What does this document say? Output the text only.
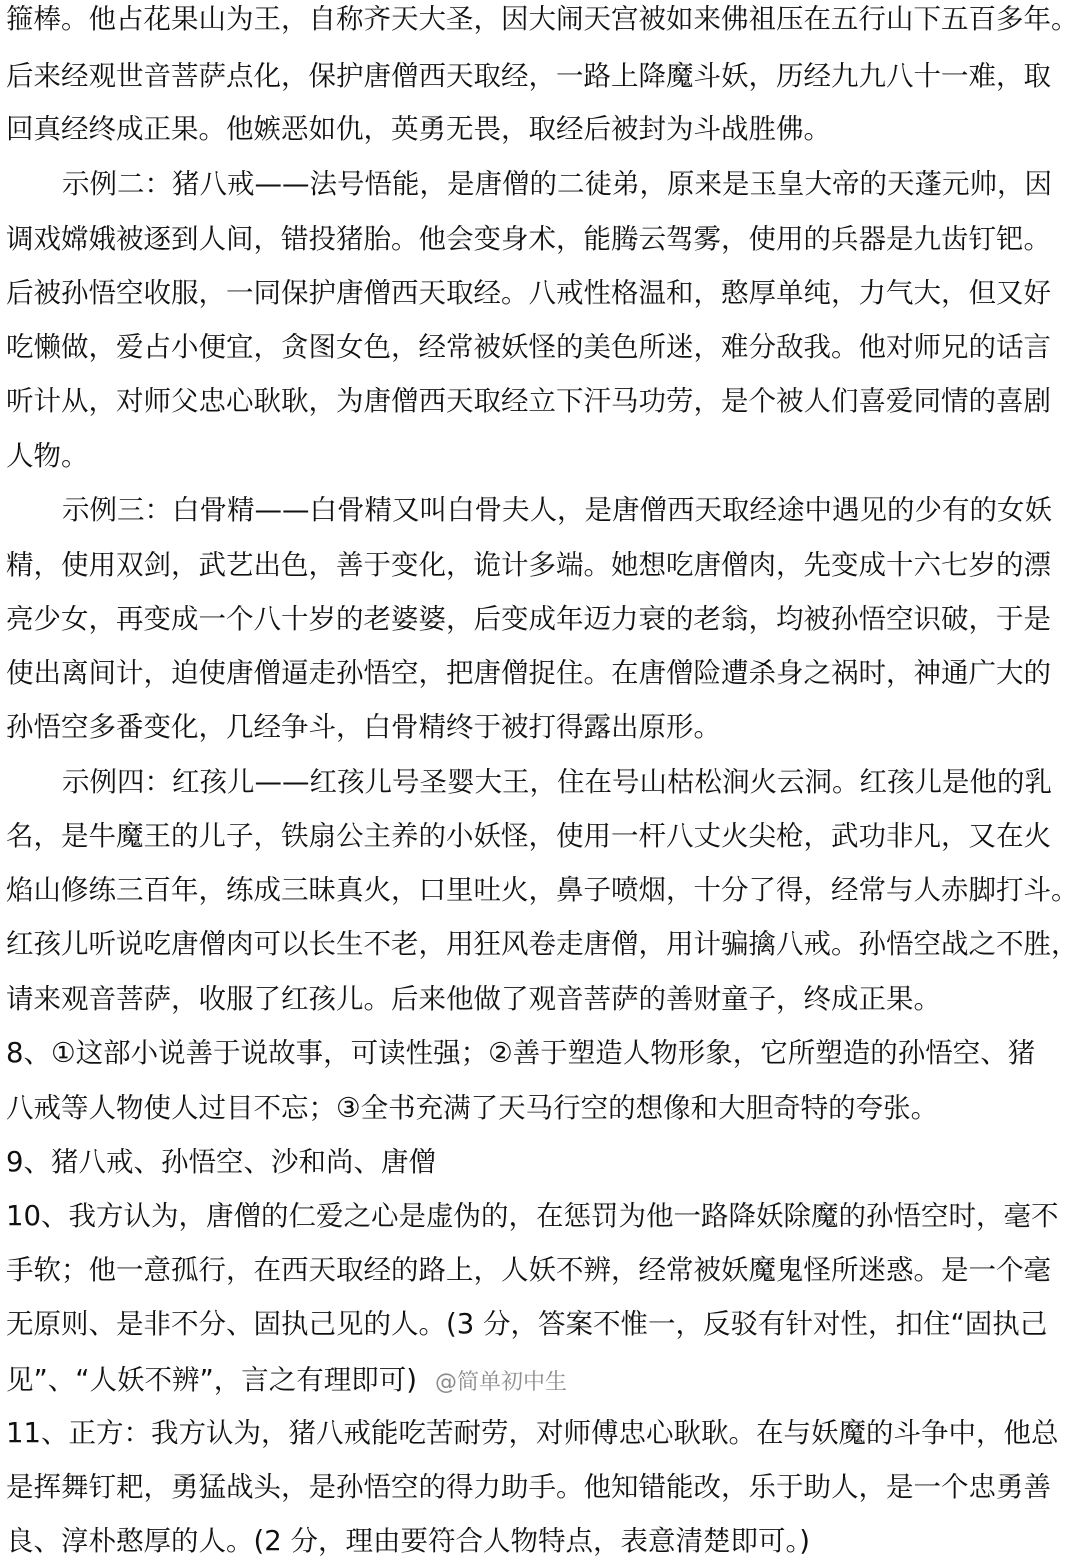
箍棒。他占花果山为王，自称齐天大圣，因大闹天宫被如来佛祖压在五行山下五百多年。
后来经观世音菩萨点化，保护唐僧西天取经，一路上降魔斗妖，历经九九八十一难，取
回真经终成正果。他嫉恶如仇，英勇无畏，取经后被封为斗战胜佛。
示例二：猪八戒——法号悟能，是唐僧的二徒弟，原来是玉皇大帝的天蓬元帅，因
调戏嫦娥被逐到人间，错投猪胎。他会变身术，能腾云驾雾，使用的兵器是九齿钉钯。
后被孙悟空收服，一同保护唐僧西天取经。八戒性格温和，憨厚单纯，力气大，但又好
吃懒做，爱占小便宜，贪图女色，经常被妖怪的美色所迷，难分敌我。他对师兄的话言
听计从，对师父忠心耿耿，为唐僧西天取经立下汗马功劳，是个被人们喜爱同情的喜剧
人物。
示例三：白骨精——白骨精又叫白骨夫人，是唐僧西天取经途中遇见的少有的女妖
精，使用双剑，武艺出色，善于变化，诡计多端。她想吃唐僧肉，先变成十六七岁的漂
亮少女，再变成一个八十岁的老婆婆，后变成年迈力衰的老翁，均被孙悟空识破，于是
使出离间计，迫使唐僧逼走孙悟空，把唐僧捉住。在唐僧险遭杀身之祸时，神通广大的
孙悟空多番变化，几经争斗，白骨精终于被打得露出原形。
示例四：红孩儿——红孩儿号圣婴大王，住在号山枯松涧火云洞。红孩儿是他的乳
名，是牛魔王的儿子，铁扇公主养的小妖怪，使用一杆八丈火尖枪，武功非凡，又在火
焰山修练三百年，练成三昧真火，口里吐火，鼻子喷烟，十分了得，经常与人赤脚打斗。
红孩儿听说吃唐僧肉可以长生不老，用狂风卷走唐僧，用计骗擒八戒。孙悟空战之不胜，
请来观音菩萨，收服了红孩儿。后来他做了观音菩萨的善财童子，终成正果。
8、①这部小说善于说故事，可读性强；②善于塑造人物形象，它所塑造的孙悟空、猪
八戒等人物使人过目不忘；③全书充满了天马行空的想像和大胆奇特的夸张。
9、猪八戒、孙悟空、沙和尚、唐僧
10、我方认为，唐僧的仁爱之心是虚伪的，在惩罚为他一路降妖除魔的孙悟空时，毫不
手软；他一意孤行，在西天取经的路上，人妖不辨，经常被妖魔鬼怪所迷惑。是一个毫
无原则、是非不分、固执己见的人。(3 分，答案不惟一，反驳有针对性，扣住“固执己
见”、“人妖不辨”，言之有理即可) @简单初中生
11、正方：我方认为，猪八戒能吃苦耐劳，对师傅忠心耿耿。在与妖魔的斗争中，他总
是挥舞钉耙，勇猛战头，是孙悟空的得力助手。他知错能改，乐于助人，是一个忠勇善
良、淳朴憨厚的人。(2 分，理由要符合人物特点，表意清楚即可。)
